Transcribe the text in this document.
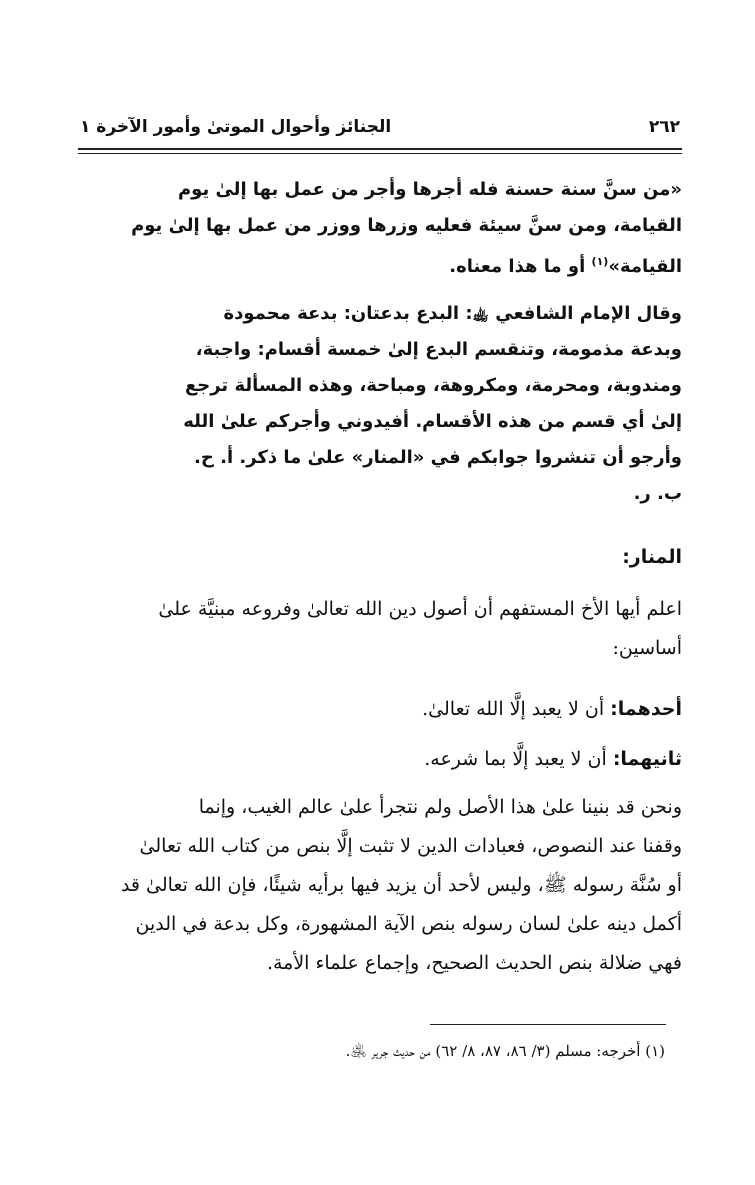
٢٦٢
الجنائز وأحوال الموتىٰ وأمور الآخرة ١
«من سنَّ سنة حسنة فله أجرها وأجر من عمل بها إلىٰ يوم
القيامة، ومن سنَّ سيئة فعليه وزرها ووزر من عمل بها إلىٰ يوم
القيامة»$^{(١)}$ أو ما هذا معناه.
وقال الإمام الشافعي ﵀: البدع بدعتان: بدعة محمودة
وبدعة مذمومة، وتنقسم البدع إلىٰ خمسة أقسام: واجبة،
ومندوبة، ومحرمة، ومكروهة، ومباحة، وهذه المسألة ترجع
إلىٰ أي قسم من هذه الأقسام. أفيدوني وأجركم علىٰ الله
وأرجو أن تنشروا جوابكم في «المنار» علىٰ ما ذكر. أ. ح.
ب. ر.
المنار:
اعلم أيها الأخ المستفهم أن أصول دين الله تعالىٰ وفروعه مبنيَّة علىٰ
أساسين:
أحدهما: أن لا يعبد إلَّا الله تعالىٰ.
ثانيهما: أن لا يعبد إلَّا بما شرعه.
ونحن قد بنينا علىٰ هذا الأصل ولم نتجرأ علىٰ عالم الغيب، وإنما
وقفنا عند النصوص، فعبادات الدين لا تثبت إلَّا بنص من كتاب الله تعالىٰ
أو سُنَّة رسوله ﷺ، وليس لأحد أن يزيد فيها برأيه شيئًا، فإن الله تعالىٰ قد
أكمل دينه علىٰ لسان رسوله بنص الآية المشهورة، وكل بدعة في الدين
فهي ضلالة بنص الحديث الصحيح، وإجماع علماء الأمة.
(١) أخرجه: مسلم (٣/ ٨٦، ٨٧، ٨/ ٦٢) من حديث جرير ﵁.
